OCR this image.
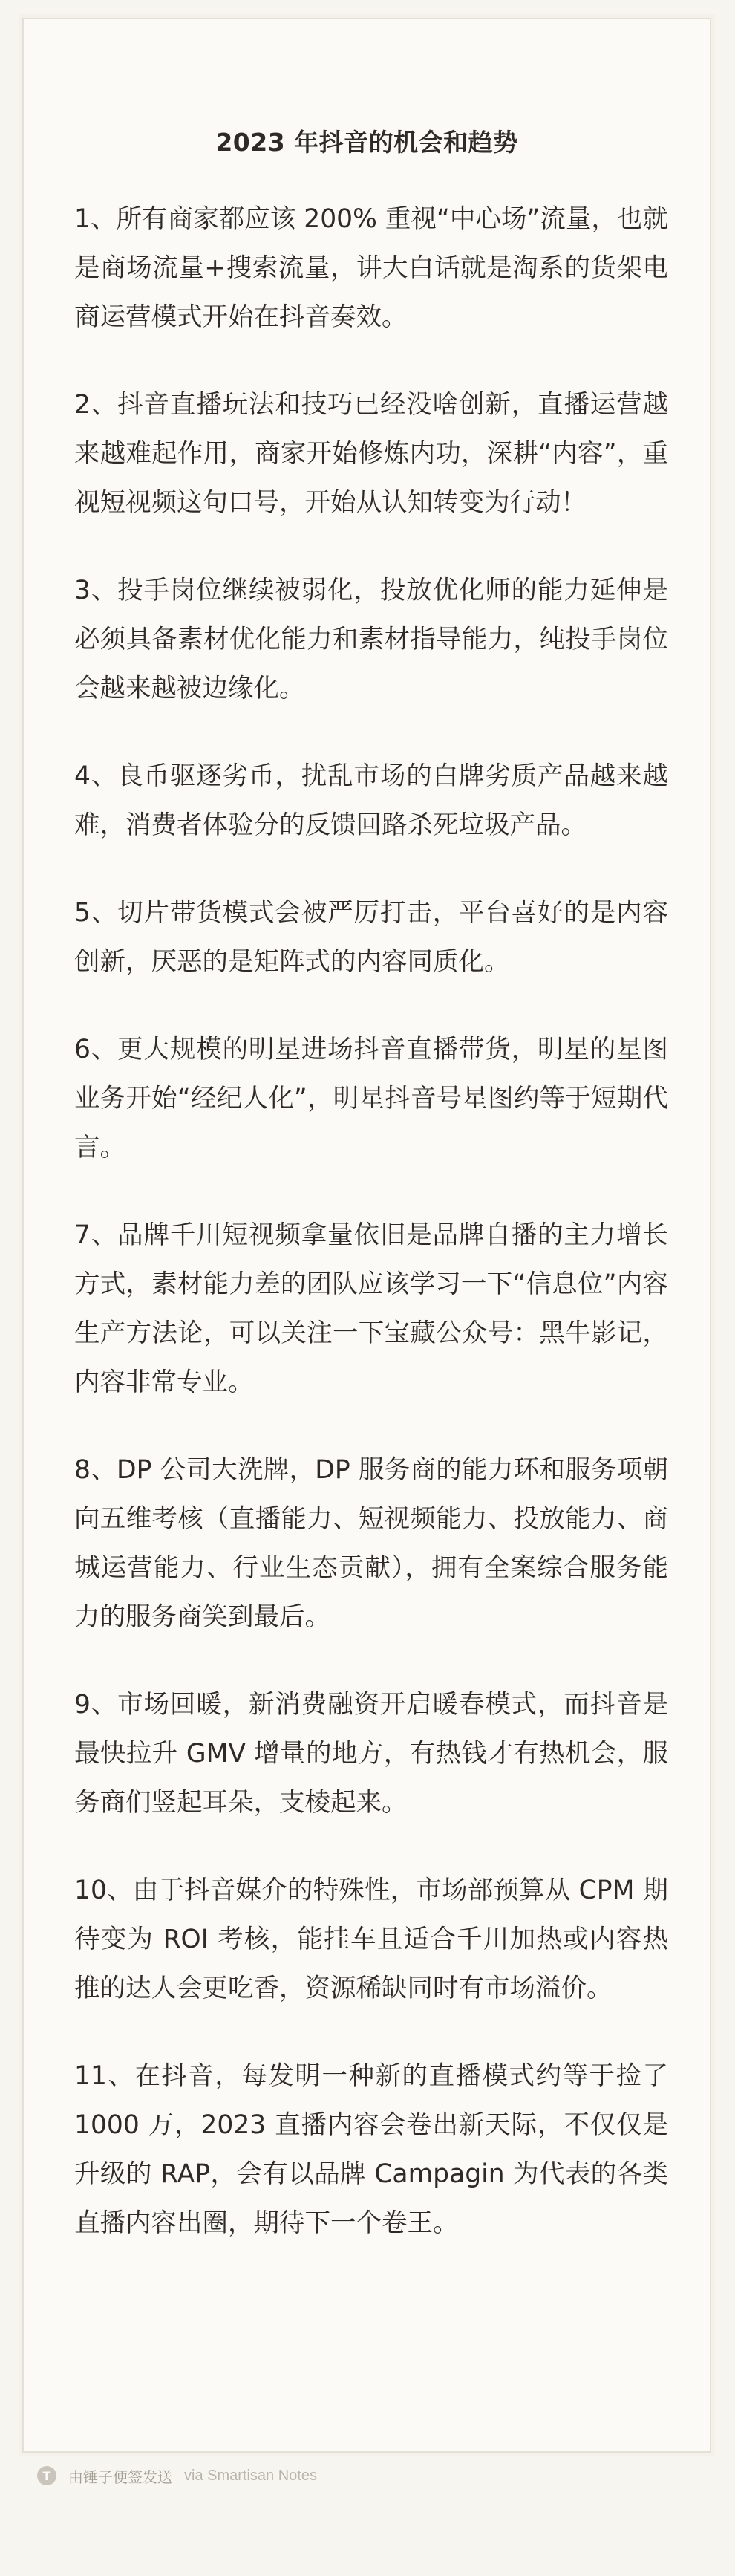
2023 年抖音的机会和趋势

1、所有商家都应该 200% 重视“中心场”流量，也就是商场流量+搜索流量，讲大白话就是淘系的货架电商运营模式开始在抖音奏效。

2、抖音直播玩法和技巧已经没啥创新，直播运营越来越难起作用，商家开始修炼内功，深耕“内容”，重视短视频这句口号，开始从认知转变为行动！

3、投手岗位继续被弱化，投放优化师的能力延伸是必须具备素材优化能力和素材指导能力，纯投手岗位会越来越被边缘化。

4、良币驱逐劣币，扰乱市场的白牌劣质产品越来越难，消费者体验分的反馈回路杀死垃圾产品。

5、切片带货模式会被严厉打击，平台喜好的是内容创新，厌恶的是矩阵式的内容同质化。

6、更大规模的明星进场抖音直播带货，明星的星图业务开始“经纪人化”，明星抖音号星图约等于短期代言。

7、品牌千川短视频拿量依旧是品牌自播的主力增长方式，素材能力差的团队应该学习一下“信息位”内容生产方法论，可以关注一下宝藏公众号：黑牛影记，内容非常专业。

8、DP 公司大洗牌，DP 服务商的能力环和服务项朝向五维考核（直播能力、短视频能力、投放能力、商城运营能力、行业生态贡献），拥有全案综合服务能力的服务商笑到最后。

9、市场回暖，新消费融资开启暖春模式，而抖音是最快拉升 GMV 增量的地方，有热钱才有热机会，服务商们竖起耳朵，支棱起来。

10、由于抖音媒介的特殊性，市场部预算从 CPM 期待变为 ROI 考核，能挂车且适合千川加热或内容热推的达人会更吃香，资源稀缺同时有市场溢价。

11、在抖音，每发明一种新的直播模式约等于捡了 1000 万，2023 直播内容会卷出新天际，不仅仅是升级的 RAP，会有以品牌 Campagin 为代表的各类直播内容出圈，期待下一个卷王。

T	由锤子便签发送 via Smartisan Notes
